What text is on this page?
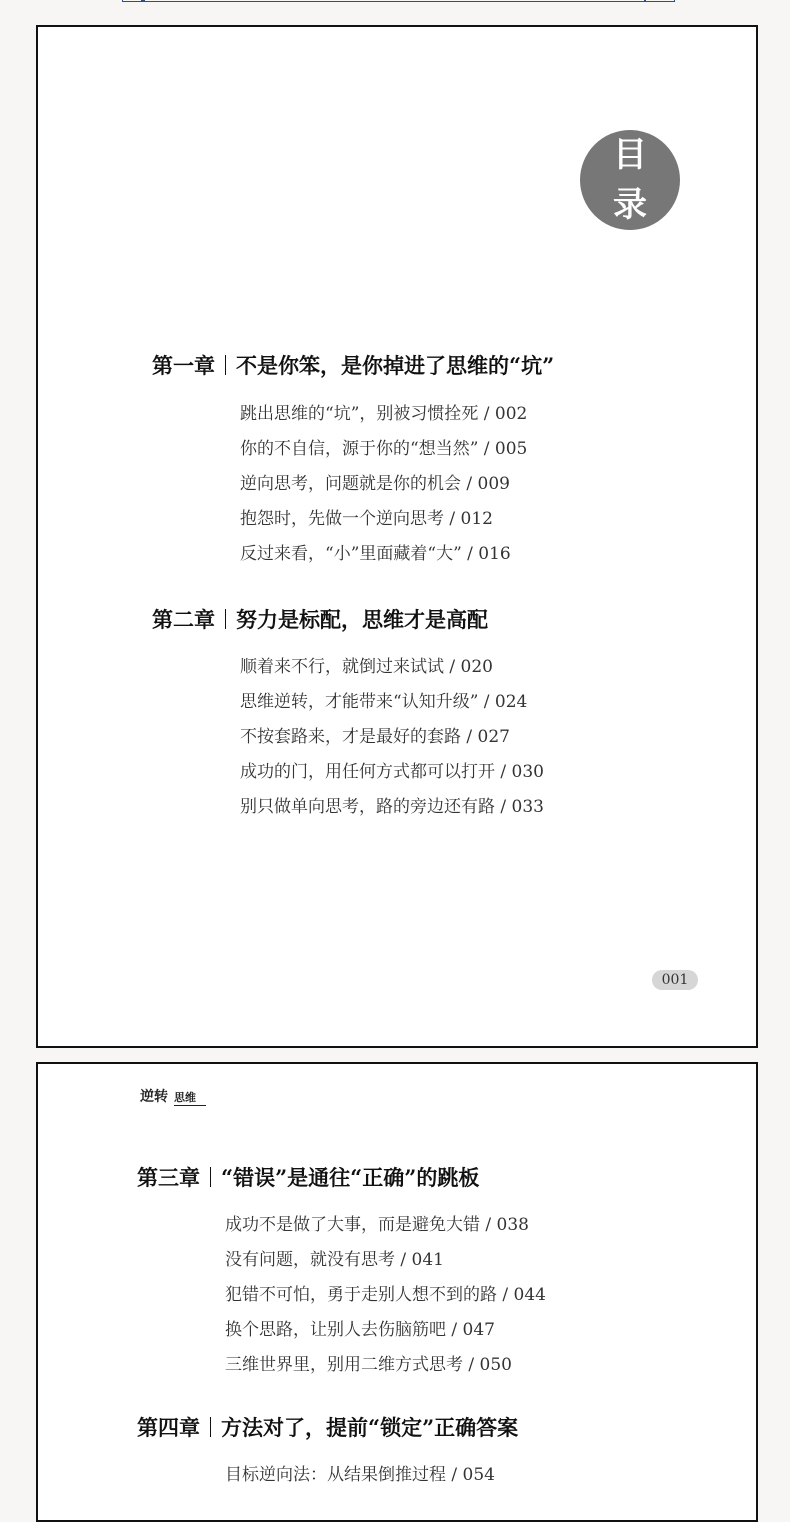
目
录
第一章 不是你笨，是你掉进了思维的“坑”
跳出思维的“坑”，别被习惯拴死 / 002
你的不自信，源于你的“想当然” / 005
逆向思考，问题就是你的机会 / 009
抱怨时，先做一个逆向思考 / 012
反过来看，“小”里面藏着“大” / 016
第二章 努力是标配，思维才是高配
顺着来不行，就倒过来试试 / 020
思维逆转，才能带来“认知升级” / 024
不按套路来，才是最好的套路 / 027
成功的门，用任何方式都可以打开 / 030
别只做单向思考，路的旁边还有路 / 033
001
逆转 思维
第三章 “错误”是通往“正确”的跳板
成功不是做了大事，而是避免大错 / 038
没有问题，就没有思考 / 041
犯错不可怕，勇于走别人想不到的路 / 044
换个思路，让别人去伤脑筋吧 / 047
三维世界里，别用二维方式思考 / 050
第四章 方法对了，提前“锁定”正确答案
目标逆向法：从结果倒推过程 / 054
